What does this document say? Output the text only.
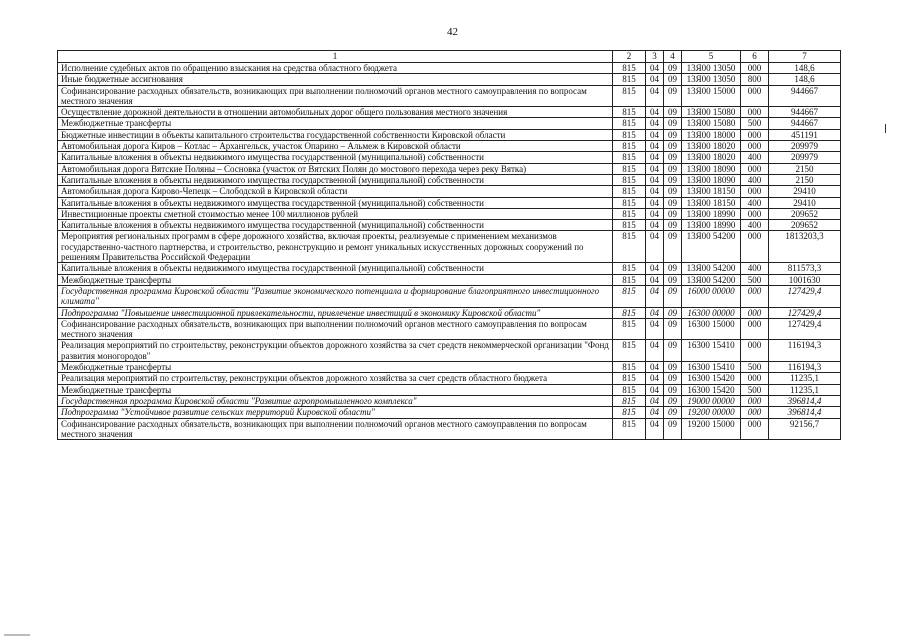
42
1	2	3	4	5	6	7
Исполнение судебных актов по обращению взыскания на средства областного бюджета	815	04	09	13Я00 13050	000	148,6
Иные бюджетные ассигнования	815	04	09	13Я00 13050	800	148,6
Софинансирование расходных обязательств, возникающих при выполнении полномочий органов местного самоуправления по вопросам местного значения	815	04	09	13Я00 15000	000	944667
Осуществление дорожной деятельности в отношении автомобильных дорог общего пользования местного значения	815	04	09	13Я00 15080	000	944667
Межбюджетные трансферты	815	04	09	13Я00 15080	500	944667
Бюджетные инвестиции в объекты капитального строительства государственной собственности Кировской области	815	04	09	13Я00 18000	000	451191
Автомобильная дорога Киров – Котлас – Архангельск, участок Опарино – Альмеж в Кировской области	815	04	09	13Я00 18020	000	209979
Капитальные вложения в объекты недвижимого имущества государственной (муниципальной) собственности	815	04	09	13Я00 18020	400	209979
Автомобильная дорога Вятские Поляны – Сосновка (участок от Вятских Полян до мостового перехода через реку Вятка)	815	04	09	13Я00 18090	000	2150
Капитальные вложения в объекты недвижимого имущества государственной (муниципальной) собственности	815	04	09	13Я00 18090	400	2150
Автомобильная дорога Кирово-Чепецк – Слободской в Кировской области	815	04	09	13Я00 18150	000	29410
Капитальные вложения в объекты недвижимого имущества государственной (муниципальной) собственности	815	04	09	13Я00 18150	400	29410
Инвестиционные проекты сметной стоимостью менее 100 миллионов рублей	815	04	09	13Я00 18990	000	209652
Капитальные вложения в объекты недвижимого имущества государственной (муниципальной) собственности	815	04	09	13Я00 18990	400	209652
Мероприятия региональных программ в сфере дорожного хозяйства, включая проекты, реализуемые с применением механизмов государственно-частного партнерства, и строительство, реконструкцию и ремонт уникальных искусственных дорожных сооружений по решениям Правительства Российской Федерации	815	04	09	13Я00 54200	000	1813203,3
Капитальные вложения в объекты недвижимого имущества государственной (муниципальной) собственности	815	04	09	13Я00 54200	400	811573,3
Межбюджетные трансферты	815	04	09	13Я00 54200	500	1001630
Государственная программа Кировской области "Развитие экономического потенциала и формирование благоприятного инвестиционного климата"	815	04	09	16000 00000	000	127429,4
Подпрограмма "Повышение инвестиционной привлекательности, привлечение инвестиций в экономику Кировской области"	815	04	09	16300 00000	000	127429,4
Софинансирование расходных обязательств, возникающих при выполнении полномочий органов местного самоуправления по вопросам местного значения	815	04	09	16300 15000	000	127429,4
Реализация мероприятий по строительству, реконструкции объектов дорожного хозяйства за счет средств некоммерческой организации "Фонд развития моногородов"	815	04	09	16300 15410	000	116194,3
Межбюджетные трансферты	815	04	09	16300 15410	500	116194,3
Реализация мероприятий по строительству, реконструкции объектов дорожного хозяйства за счет средств областного бюджета	815	04	09	16300 15420	000	11235,1
Межбюджетные трансферты	815	04	09	16300 15420	500	11235,1
Государственная программа Кировской области "Развитие агропромышленного комплекса"	815	04	09	19000 00000	000	396814,4
Подпрограмма "Устойчивое развитие сельских территорий Кировской области"	815	04	09	19200 00000	000	396814,4
Софинансирование расходных обязательств, возникающих при выполнении полномочий органов местного самоуправления по вопросам местного значения	815	04	09	19200 15000	000	92156,7
